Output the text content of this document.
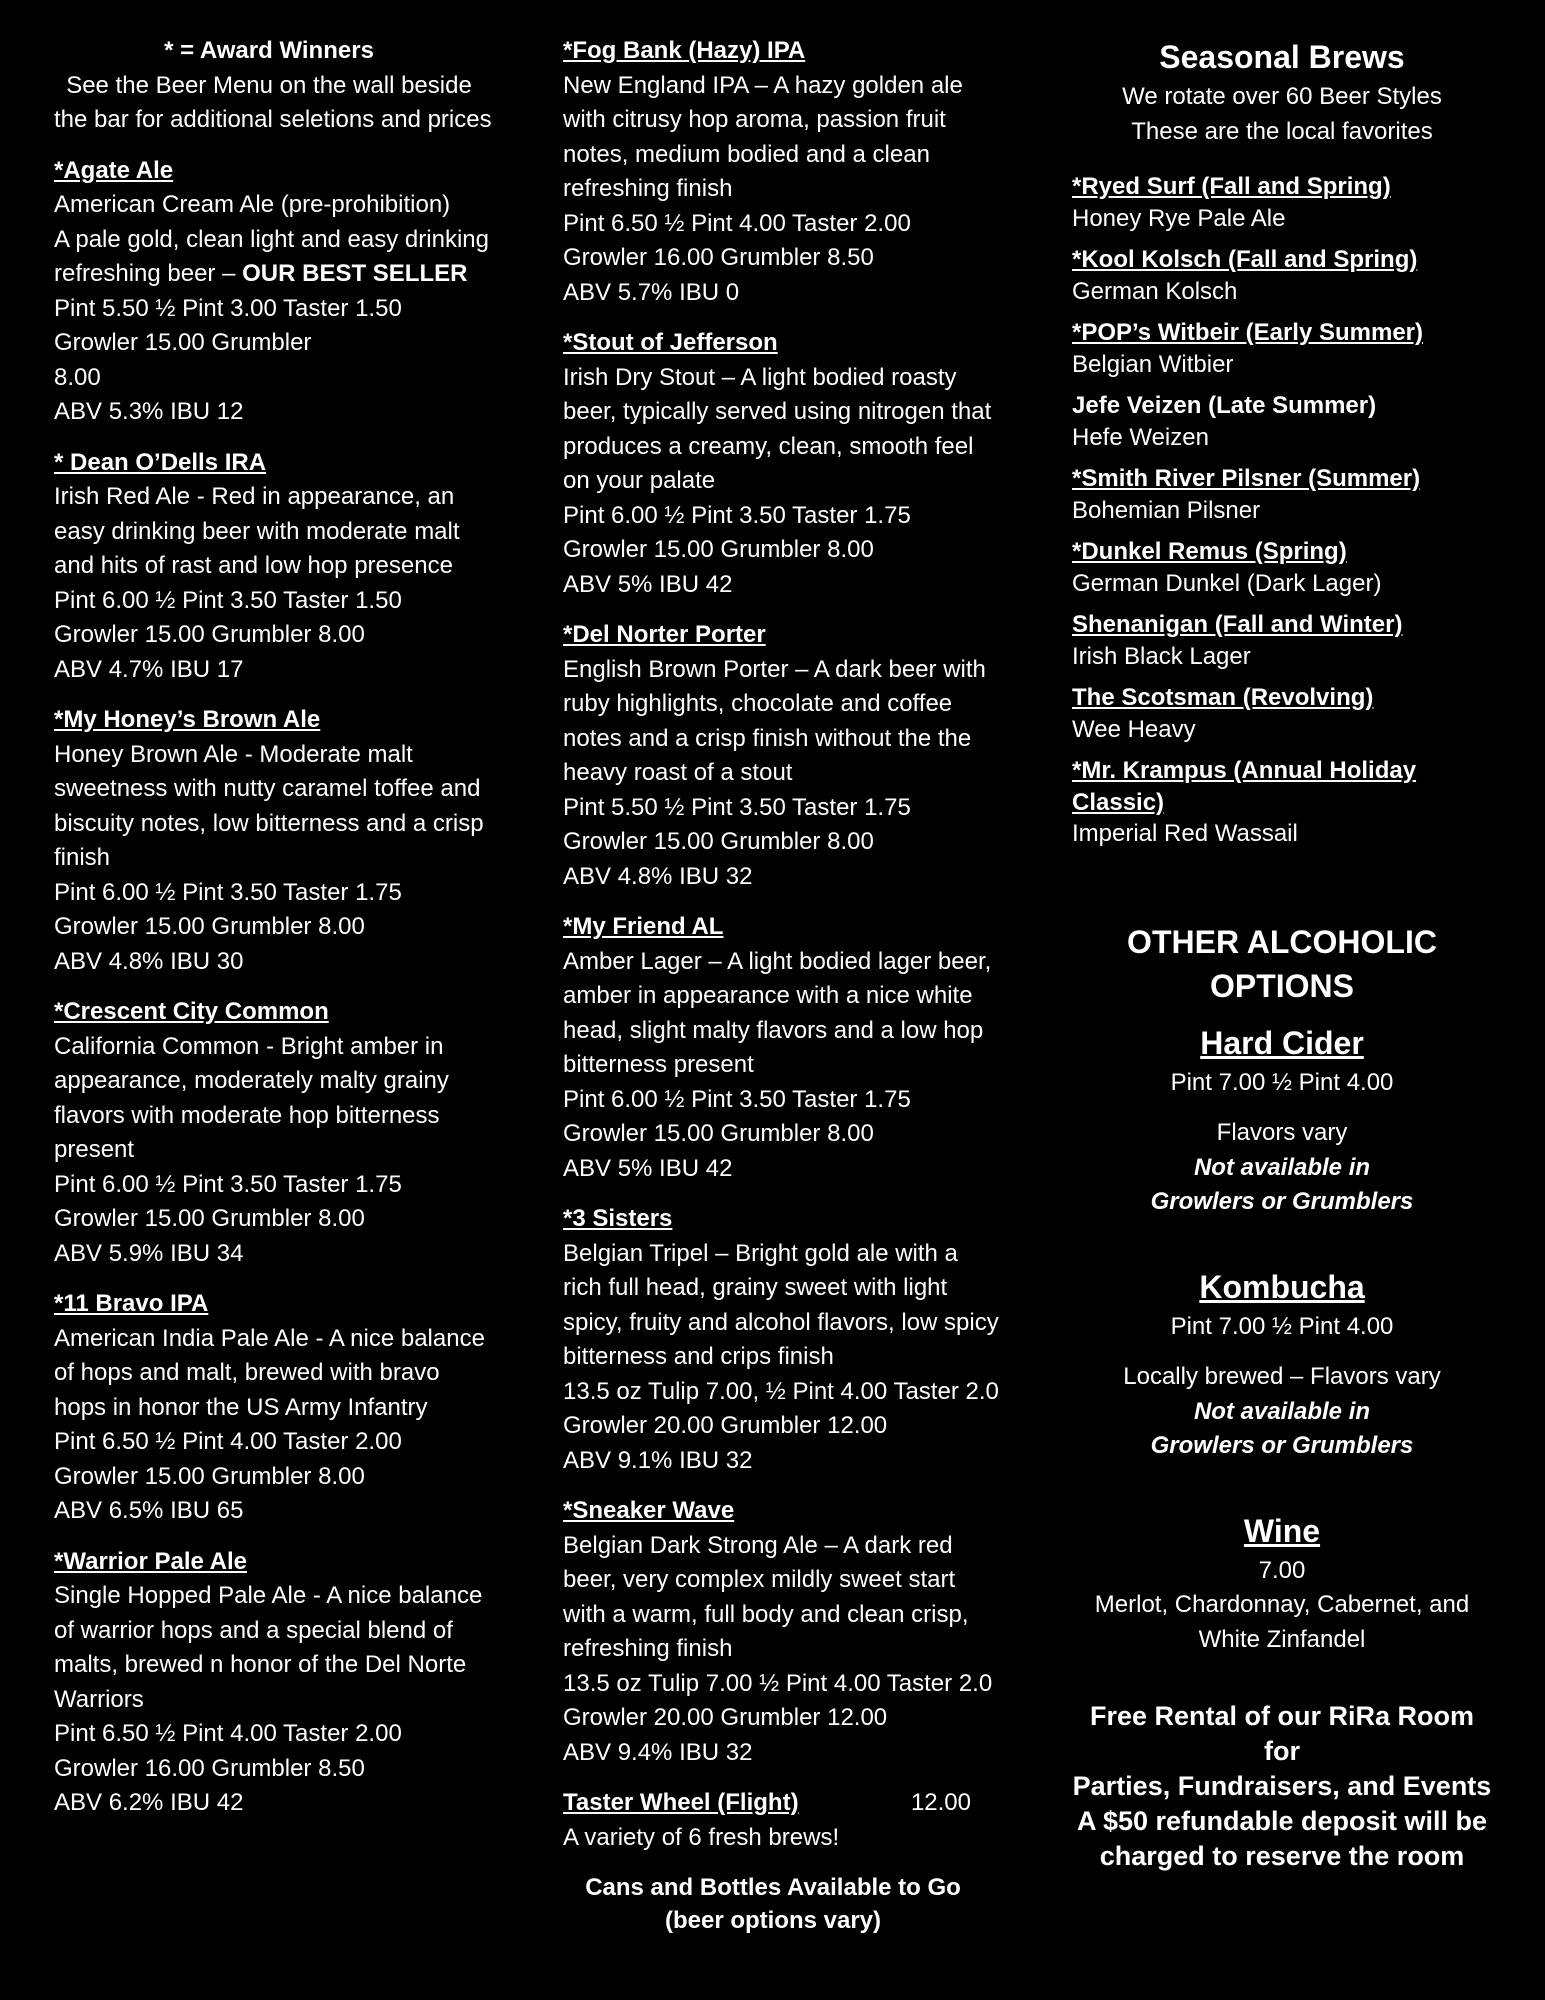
* = Award Winners
See the Beer Menu on the wall beside
the bar for additional seletions and prices
*Agate Ale
American Cream Ale (pre-prohibition)
A pale gold, clean light and easy drinking
refreshing beer – OUR BEST SELLER
Pint 5.50 ½ Pint 3.00 Taster 1.50
Growler 15.00 Grumbler
8.00
ABV 5.3% IBU 12
* Dean O’Dells IRA
Irish Red Ale - Red in appearance, an
easy drinking beer with moderate malt
and hits of rast and low hop presence
Pint 6.00 ½ Pint 3.50 Taster 1.50
Growler 15.00 Grumbler 8.00
ABV 4.7% IBU 17
*My Honey’s Brown Ale
Honey Brown Ale - Moderate malt
sweetness with nutty caramel toffee and
biscuity notes, low bitterness and a crisp
finish
Pint 6.00 ½ Pint 3.50 Taster 1.75
Growler 15.00 Grumbler 8.00
ABV 4.8% IBU 30
*Crescent City Common
California Common - Bright amber in
appearance, moderately malty grainy
flavors with moderate hop bitterness
present
Pint 6.00 ½ Pint 3.50 Taster 1.75
Growler 15.00 Grumbler 8.00
ABV 5.9% IBU 34
*11 Bravo IPA
American India Pale Ale - A nice balance
of hops and malt, brewed with bravo
hops in honor the US Army Infantry
Pint 6.50 ½ Pint 4.00 Taster 2.00
Growler 15.00 Grumbler 8.00
ABV 6.5% IBU 65
*Warrior Pale Ale
Single Hopped Pale Ale - A nice balance
of warrior hops and a special blend of
malts, brewed n honor of the Del Norte
Warriors
Pint 6.50 ½ Pint 4.00 Taster 2.00
Growler 16.00 Grumbler 8.50
ABV 6.2% IBU 42
*Fog Bank (Hazy) IPA
New England IPA – A hazy golden ale
with citrusy hop aroma, passion fruit
notes, medium bodied and a clean
refreshing finish
Pint 6.50 ½ Pint 4.00 Taster 2.00
Growler 16.00 Grumbler 8.50
ABV 5.7% IBU 0
*Stout of Jefferson
Irish Dry Stout – A light bodied roasty
beer, typically served using nitrogen that
produces a creamy, clean, smooth feel
on your palate
Pint 6.00 ½ Pint 3.50 Taster 1.75
Growler 15.00 Grumbler 8.00
ABV 5% IBU 42
*Del Norter Porter
English Brown Porter – A dark beer with
ruby highlights, chocolate and coffee
notes and a crisp finish without the the
heavy roast of a stout
Pint 5.50 ½ Pint 3.50 Taster 1.75
Growler 15.00 Grumbler 8.00
ABV 4.8% IBU 32
*My Friend AL
Amber Lager – A light bodied lager beer,
amber in appearance with a nice white
head, slight malty flavors and a low hop
bitterness present
Pint 6.00 ½ Pint 3.50 Taster 1.75
Growler 15.00 Grumbler 8.00
ABV 5% IBU 42
*3 Sisters
Belgian Tripel – Bright gold ale with a
rich full head, grainy sweet with light
spicy, fruity and alcohol flavors, low spicy
bitterness and crips finish
13.5 oz Tulip 7.00, ½ Pint 4.00 Taster 2.0
Growler 20.00 Grumbler 12.00
ABV 9.1% IBU 32
*Sneaker Wave
Belgian Dark Strong Ale – A dark red
beer, very complex mildly sweet start
with a warm, full body and clean crisp,
refreshing finish
13.5 oz Tulip 7.00 ½ Pint 4.00 Taster 2.0
Growler 20.00 Grumbler 12.00
ABV 9.4% IBU 32
Taster Wheel (Flight)	12.00
A variety of 6 fresh brews!
Cans and Bottles Available to Go
(beer options vary)
Seasonal Brews
We rotate over 60 Beer Styles
These are the local favorites
*Ryed Surf (Fall and Spring)
Honey Rye Pale Ale
*Kool Kolsch (Fall and Spring)
German Kolsch
*POP’s Witbeir (Early Summer)
Belgian Witbier
Jefe Veizen (Late Summer)
Hefe Weizen
*Smith River Pilsner (Summer)
Bohemian Pilsner
*Dunkel Remus (Spring)
German Dunkel (Dark Lager)
Shenanigan (Fall and Winter)
Irish Black Lager
The Scotsman (Revolving)
Wee Heavy
*Mr. Krampus (Annual Holiday
Classic)
Imperial Red Wassail
OTHER ALCOHOLIC
OPTIONS
Hard Cider
Pint 7.00 ½ Pint 4.00
Flavors vary
Not available in
Growlers or Grumblers
Kombucha
Pint 7.00 ½ Pint 4.00
Locally brewed – Flavors vary
Not available in
Growlers or Grumblers
Wine
7.00
Merlot, Chardonnay, Cabernet, and
White Zinfandel
Free Rental of our RiRa Room for
Parties, Fundraisers, and Events
A $50 refundable deposit will be
charged to reserve the room
